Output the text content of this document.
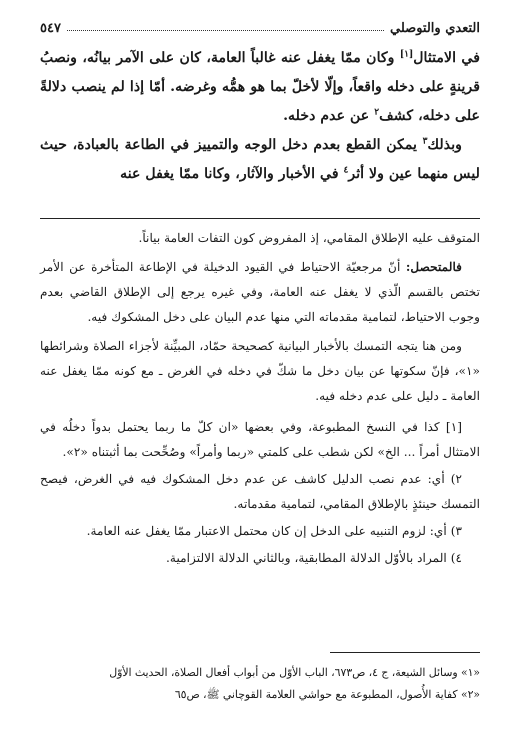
التعدي والتوصلي
٥٤٧

في الامتثال[١] وكان ممّا يغفل عنه غالباً العامة، كان على الآمر بيانُه، ونصبُ قرينةٍ على دخله واقعاً، وإلّا لأخلّ بما هو همُّه وغرضه. أمّا إذا لم ينصب دلالةً على دخله، كشف$^٢$ عن عدم دخله.

وبذلك$^٣$ يمكن القطع بعدم دخل الوجه والتمييز في الطاعة بالعبادة، حيث ليس منهما عين ولا أثر$^٤$ في الأخبار والآثار، وكانا ممّا يغفل عنه

المتوقف عليه الإطلاق المقامي، إذ المفروض كون التفات العامة بياناً.

فالمتحصل: أنّ مرجعيّة الاحتياط في القيود الدخيلة في الإطاعة المتأخرة عن الأمر تختص بالقسم الّذي لا يغفل عنه العامة، وفي غيره يرجع إلى الإطلاق القاضي بعدم وجوب الاحتياط، لتمامية مقدماته التي منها عدم البيان على دخل المشكوك فيه.

ومن هنا يتجه التمسك بالأخبار البيانية كصحيحة حمّاد، المبيِّنة لأجزاء الصلاة وشرائطها «١»، فإنّ سكوتها عن بيان دخل ما شكّ في دخله في الغرض ـ مع كونه ممّا يغفل عنه العامة ـ دليل على عدم دخله فيه.

[١] كذا في النسخ المطبوعة، وفي بعضها «ان كلّ ما ربما يحتمل بدواً دخلُه في الامتثال أمراً ... الخ» لكن شطب على كلمتي «ربما وأمراً» وصُحِّحت بما أثبتناه «٢».

٢) أي: عدم نصب الدليل كاشف عن عدم دخل المشكوك فيه في الغرض، فيصح التمسك حينئذٍ بالإطلاق المقامي، لتمامية مقدماته.

٣) أي: لزوم التنبيه على الدخل إن كان محتمل الاعتبار ممّا يغفل عنه العامة.

٤) المراد بالأوّل الدلالة المطابقية، وبالثاني الدلالة الالتزامية.

«١» وسائل الشيعة، ج ٤، ص٦٧٣، الباب الأوّل من أبواب أفعال الصلاة، الحديث الأوّل

«٢» كفاية الأُصول، المطبوعة مع حواشي العلامة القوچاني ﷺ، ص٦٥
